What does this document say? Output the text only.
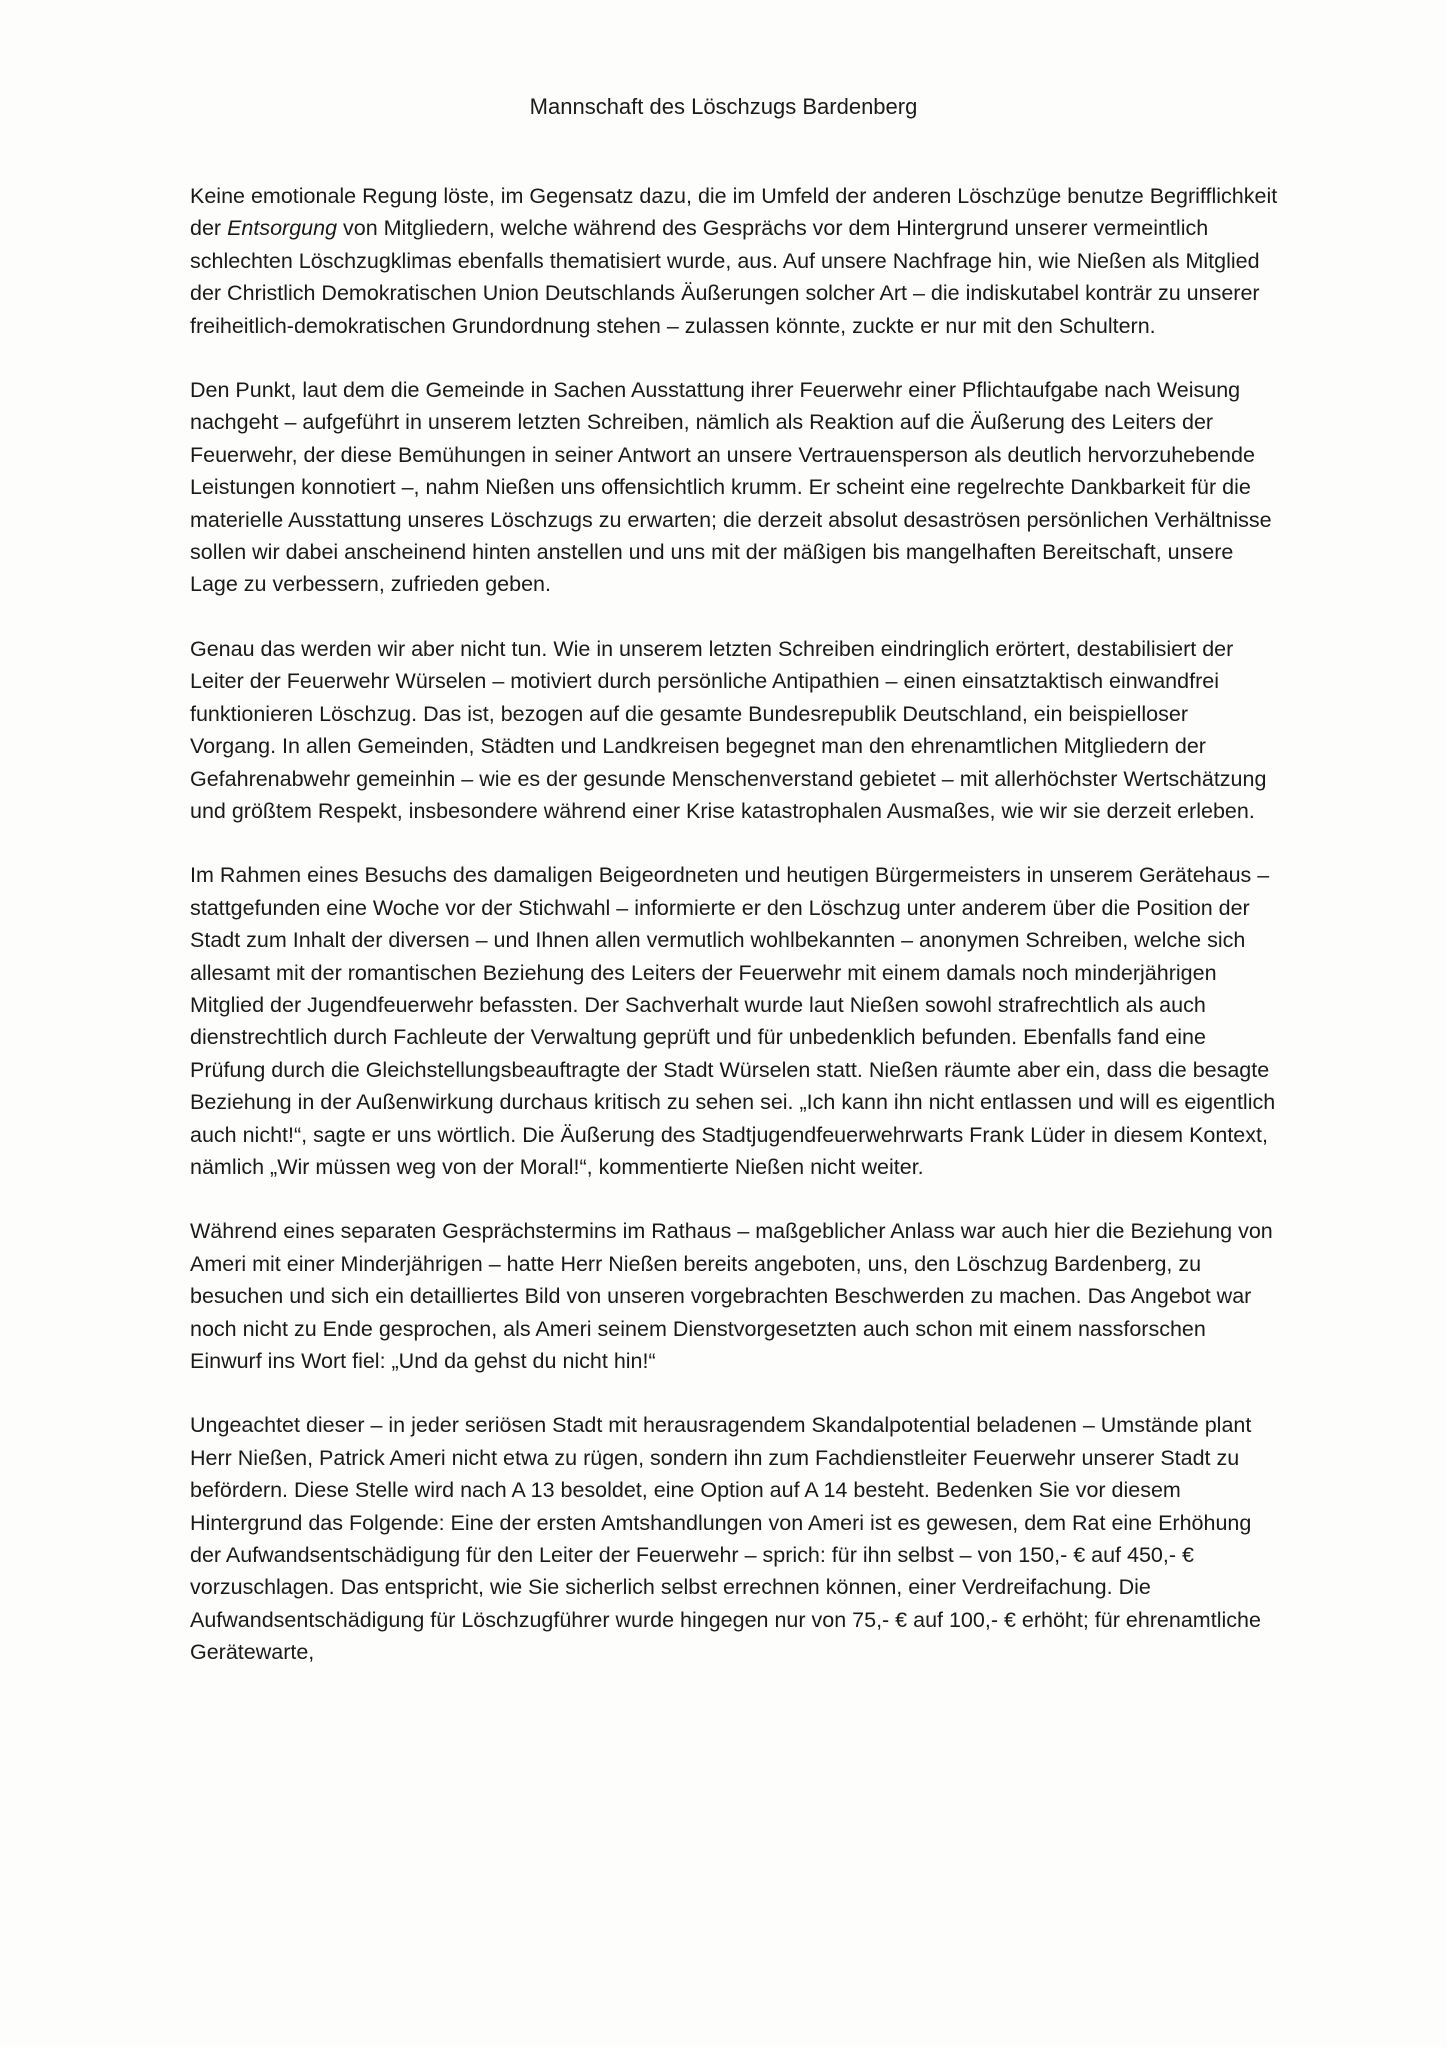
Mannschaft des Löschzugs Bardenberg

Keine emotionale Regung löste, im Gegensatz dazu, die im Umfeld der anderen Löschzüge benutze Begrifflichkeit der Entsorgung von Mitgliedern, welche während des Gesprächs vor dem Hintergrund unserer vermeintlich schlechten Löschzugklimas ebenfalls thematisiert wurde, aus. Auf unsere Nachfrage hin, wie Nießen als Mitglied der Christlich Demokratischen Union Deutschlands Äußerungen solcher Art – die indiskutabel konträr zu unserer freiheitlich-demokratischen Grundordnung stehen – zulassen könnte, zuckte er nur mit den Schultern.

Den Punkt, laut dem die Gemeinde in Sachen Ausstattung ihrer Feuerwehr einer Pflichtaufgabe nach Weisung nachgeht – aufgeführt in unserem letzten Schreiben, nämlich als Reaktion auf die Äußerung des Leiters der Feuerwehr, der diese Bemühungen in seiner Antwort an unsere Vertrauensperson als deutlich hervorzuhebende Leistungen konnotiert –, nahm Nießen uns offensichtlich krumm. Er scheint eine regelrechte Dankbarkeit für die materielle Ausstattung unseres Löschzugs zu erwarten; die derzeit absolut desaströsen persönlichen Verhältnisse sollen wir dabei anscheinend hinten anstellen und uns mit der mäßigen bis mangelhaften Bereitschaft, unsere Lage zu verbessern, zufrieden geben.

Genau das werden wir aber nicht tun. Wie in unserem letzten Schreiben eindringlich erörtert, destabilisiert der Leiter der Feuerwehr Würselen – motiviert durch persönliche Antipathien – einen einsatztaktisch einwandfrei funktionieren Löschzug. Das ist, bezogen auf die gesamte Bundesrepublik Deutschland, ein beispielloser Vorgang. In allen Gemeinden, Städten und Landkreisen begegnet man den ehrenamtlichen Mitgliedern der Gefahrenabwehr gemeinhin – wie es der gesunde Menschenverstand gebietet – mit allerhöchster Wertschätzung und größtem Respekt, insbesondere während einer Krise katastrophalen Ausmaßes, wie wir sie derzeit erleben.

Im Rahmen eines Besuchs des damaligen Beigeordneten und heutigen Bürgermeisters in unserem Gerätehaus – stattgefunden eine Woche vor der Stichwahl – informierte er den Löschzug unter anderem über die Position der Stadt zum Inhalt der diversen – und Ihnen allen vermutlich wohlbekannten – anonymen Schreiben, welche sich allesamt mit der romantischen Beziehung des Leiters der Feuerwehr mit einem damals noch minderjährigen Mitglied der Jugendfeuerwehr befassten. Der Sachverhalt wurde laut Nießen sowohl strafrechtlich als auch dienstrechtlich durch Fachleute der Verwaltung geprüft und für unbedenklich befunden. Ebenfalls fand eine Prüfung durch die Gleichstellungsbeauftragte der Stadt Würselen statt. Nießen räumte aber ein, dass die besagte Beziehung in der Außenwirkung durchaus kritisch zu sehen sei. „Ich kann ihn nicht entlassen und will es eigentlich auch nicht!“, sagte er uns wörtlich. Die Äußerung des Stadtjugendfeuerwehrwarts Frank Lüder in diesem Kontext, nämlich „Wir müssen weg von der Moral!“, kommentierte Nießen nicht weiter.

Während eines separaten Gesprächstermins im Rathaus – maßgeblicher Anlass war auch hier die Beziehung von Ameri mit einer Minderjährigen – hatte Herr Nießen bereits angeboten, uns, den Löschzug Bardenberg, zu besuchen und sich ein detailliertes Bild von unseren vorgebrachten Beschwerden zu machen. Das Angebot war noch nicht zu Ende gesprochen, als Ameri seinem Dienstvorgesetzten auch schon mit einem nassforschen Einwurf ins Wort fiel: „Und da gehst du nicht hin!“

Ungeachtet dieser – in jeder seriösen Stadt mit herausragendem Skandalpotential beladenen – Umstände plant Herr Nießen, Patrick Ameri nicht etwa zu rügen, sondern ihn zum Fachdienstleiter Feuerwehr unserer Stadt zu befördern. Diese Stelle wird nach A 13 besoldet, eine Option auf A 14 besteht. Bedenken Sie vor diesem Hintergrund das Folgende: Eine der ersten Amtshandlungen von Ameri ist es gewesen, dem Rat eine Erhöhung der Aufwandsentschädigung für den Leiter der Feuerwehr – sprich: für ihn selbst – von 150,- € auf 450,- € vorzuschlagen. Das entspricht, wie Sie sicherlich selbst errechnen können, einer Verdreifachung. Die Aufwandsentschädigung für Löschzugführer wurde hingegen nur von 75,- € auf 100,- € erhöht; für ehrenamtliche Gerätewarte,
